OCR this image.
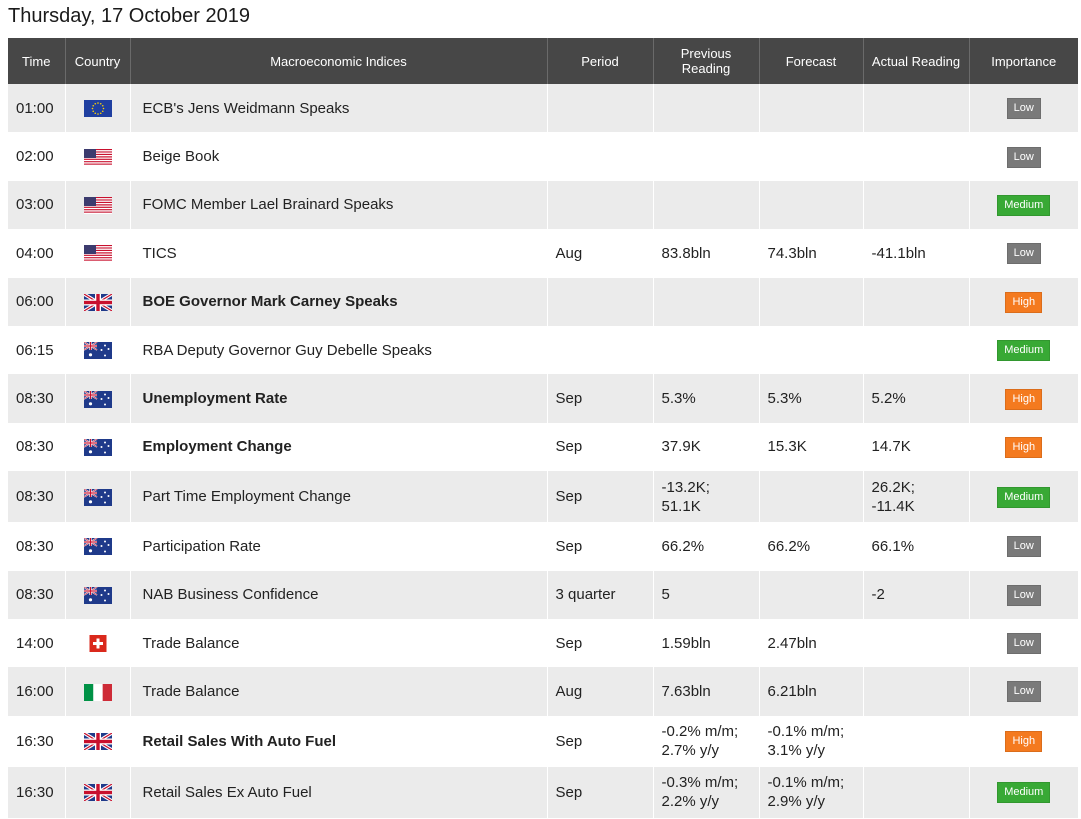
Thursday, 17 October 2019
Time	Country	Macroeconomic Indices	Period	Previous
Reading	Forecast	Actual Reading	Importance
01:00		ECB's Jens Weidmann Speaks					Low
02:00		Beige Book					Low
03:00		FOMC Member Lael Brainard Speaks					Medium
04:00		TICS	Aug	83.8bln	74.3bln	-41.1bln	Low
06:00		BOE Governor Mark Carney Speaks					High
06:15		RBA Deputy Governor Guy Debelle Speaks					Medium
08:30		Unemployment Rate	Sep	5.3%	5.3%	5.2%	High
08:30		Employment Change	Sep	37.9K	15.3K	14.7K	High
08:30		Part Time Employment Change	Sep	-13.2K;
51.1K		26.2K;
-11.4K	Medium
08:30		Participation Rate	Sep	66.2%	66.2%	66.1%	Low
08:30		NAB Business Confidence	3 quarter	5		-2	Low
14:00		Trade Balance	Sep	1.59bln	2.47bln		Low
16:00		Trade Balance	Aug	7.63bln	6.21bln		Low
16:30		Retail Sales With Auto Fuel	Sep	-0.2% m/m;
2.7% y/y	-0.1% m/m;
3.1% y/y		High
16:30		Retail Sales Ex Auto Fuel	Sep	-0.3% m/m;
2.2% y/y	-0.1% m/m;
2.9% y/y		Medium
